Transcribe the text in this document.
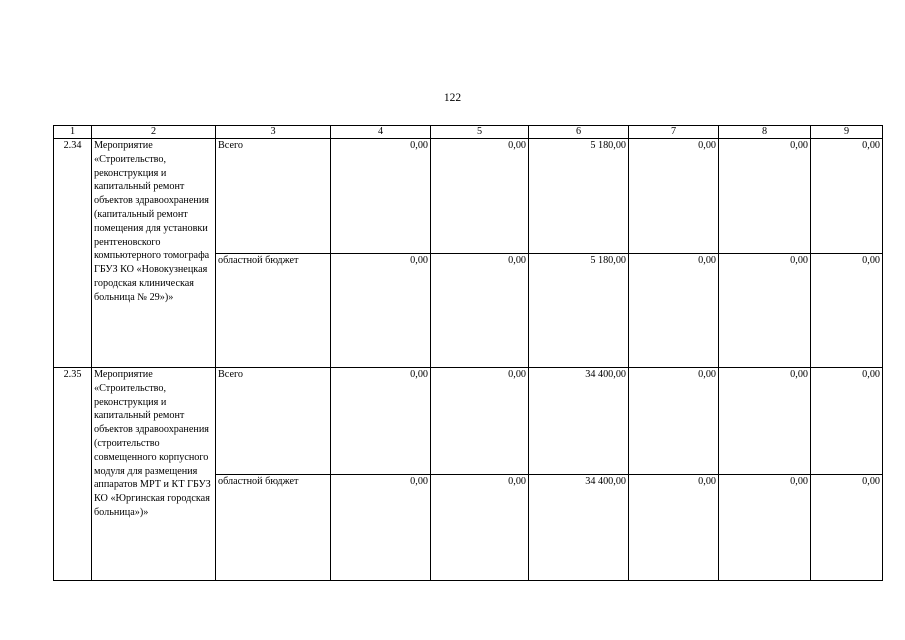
122
1	2	3	4	5	6	7	8	9
2.34	Мероприятие «Строительство, реконструкция и капитальный ремонт объектов здравоохранения (капитальный ремонт помещения для установки рентгеновского компьютерного томографа ГБУЗ КО «Новокузнецкая городская клиническая больница № 29»)»	Всего	0,00	0,00	5 180,00	0,00	0,00	0,00
		областной бюджет	0,00	0,00	5 180,00	0,00	0,00	0,00
2.35	Мероприятие «Строительство, реконструкция и капитальный ремонт объектов здравоохранения (строительство совмещенного корпусного модуля для размещения аппаратов МРТ и КТ ГБУЗ КО «Юргинская городская больница»)»	Всего	0,00	0,00	34 400,00	0,00	0,00	0,00
		областной бюджет	0,00	0,00	34 400,00	0,00	0,00	0,00
